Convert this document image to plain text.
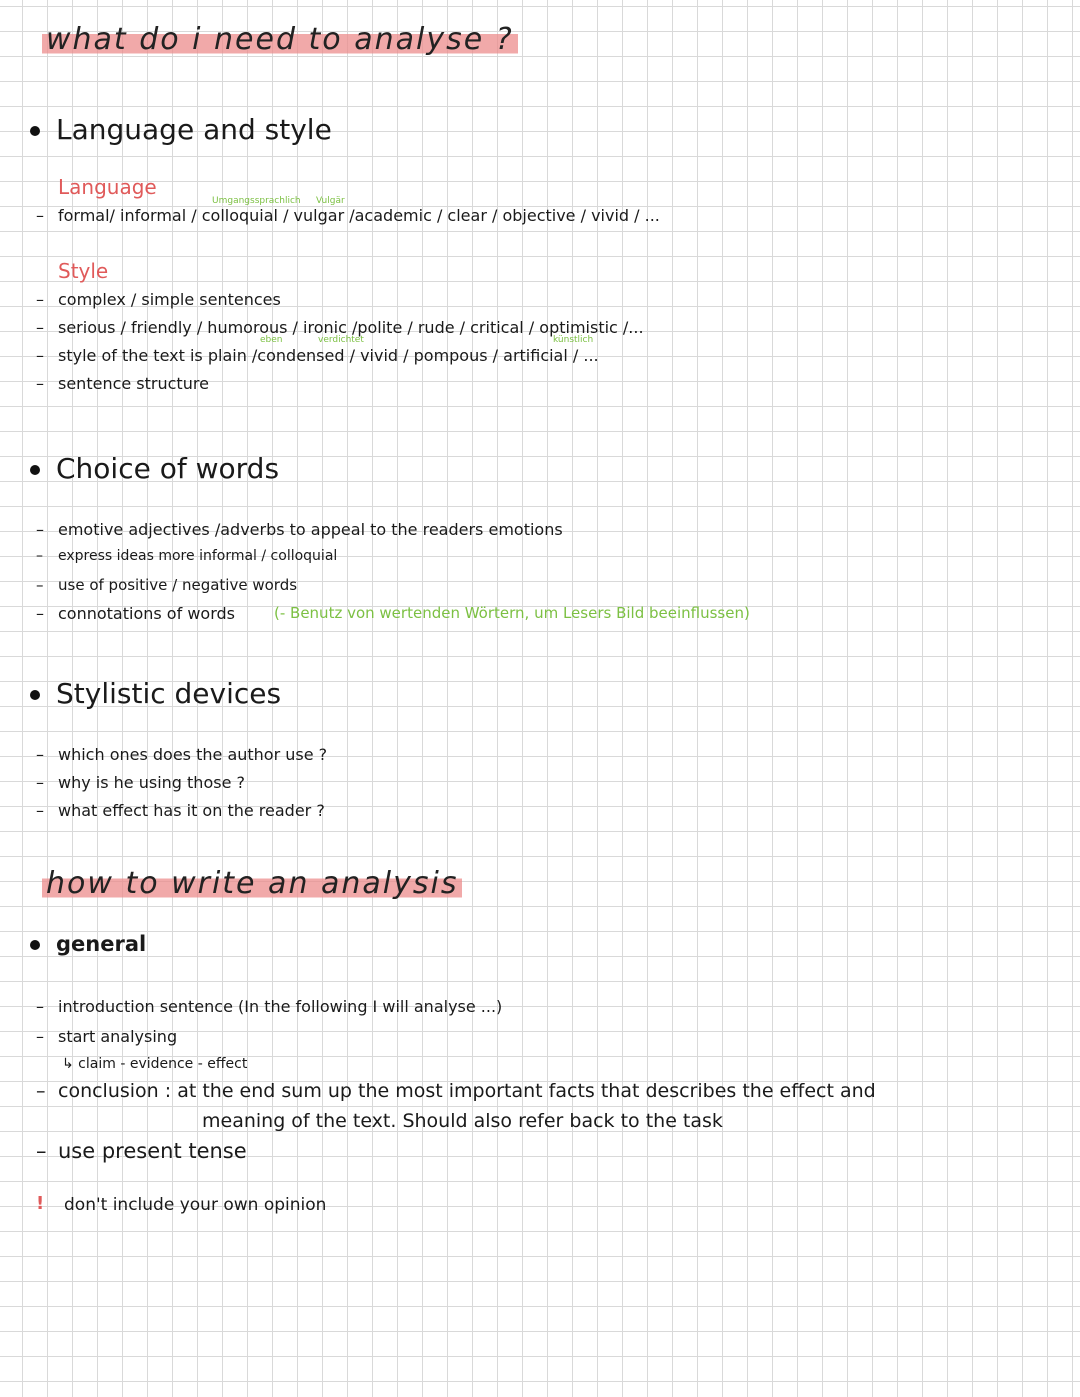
what do i need to analyse ?
Language and style
Language
Umgangssprachlich Vulgär
– formal/ informal / colloquial / vulgar /academic / clear / objective / vivid / ...
Style
– complex / simple sentences
– serious / friendly / humorous / ironic /polite / rude / critical / optimistic /...
eben	verdichtet	künstlich
– style of the text is plain /condensed / vivid / pompous / artificial / ...
– sentence structure
Choice of words
– emotive adjectives /adverbs to appeal to the readers emotions
– express ideas more informal / colloquial
– use of positive / negative words
– connotations of words	(- Benutz von wertenden Wörtern, um Lesers Bild beeinflussen)
Stylistic devices
– which ones does the author use ?
– why is he using those ?
– what effect has it on the reader ?
how to write an analysis
general
– introduction sentence (In the following I will analyse ...)
– start analysing
↳ claim - evidence - effect
– conclusion : at the end sum up the most important facts that describes the effect and
meaning of the text. Should also refer back to the task
– use present tense
! don't include your own opinion
